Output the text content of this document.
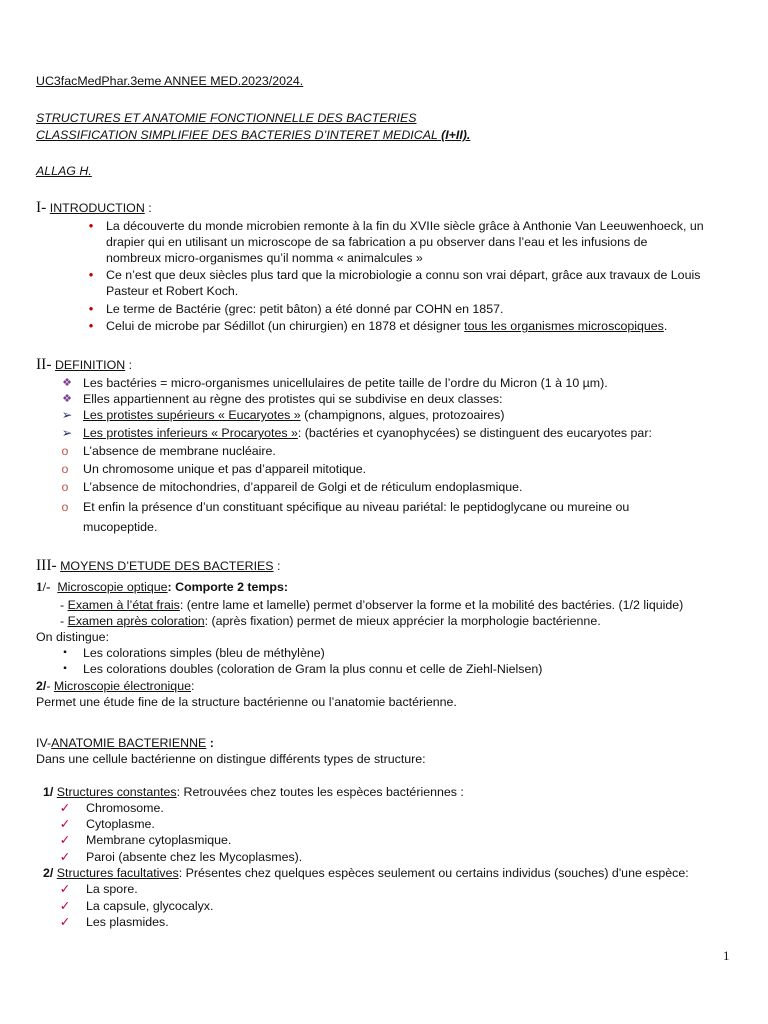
UC3facMedPhar.3eme ANNEE MED.2023/2024.
STRUCTURES ET ANATOMIE FONCTIONNELLE DES BACTERIES
CLASSIFICATION SIMPLIFIEE DES BACTERIES D’INTERET MEDICAL (I+II).
ALLAG H.
I- INTRODUCTION :
•	La découverte du monde microbien remonte à la fin du XVIIe siècle grâce à Anthonie Van Leeuwenhoeck, un
drapier qui en utilisant un microscope de sa fabrication a pu observer dans l’eau et les infusions de
nombreux micro-organismes qu’il nomma « animalcules »
•	Ce n’est que deux siècles plus tard que la microbiologie a connu son vrai départ, grâce aux travaux de Louis
Pasteur et Robert Koch.
•	Le terme de Bactérie (grec: petit bâton) a été donné par COHN en 1857.
•	Celui de microbe par Sédillot (un chirurgien) en 1878 et désigner tous les organismes microscopiques.
II- DEFINITION :
❖ Les bactéries = micro-organismes unicellulaires de petite taille de l’ordre du Micron (1 à 10 µm).
❖ Elles appartiennent au règne des protistes qui se subdivise en deux classes:
➢ Les protistes supérieurs « Eucaryotes » (champignons, algues, protozoaires)
➢ Les protistes inferieurs « Procaryotes »: (bactéries et cyanophycées) se distinguent des eucaryotes par:
o L’absence de membrane nucléaire.
o Un chromosome unique et pas d’appareil mitotique.
o L’absence de mitochondries, d’appareil de Golgi et de réticulum endoplasmique.
o Et enfin la présence d’un constituant spécifique au niveau pariétal: le peptidoglycane ou mureine ou
mucopeptide.
III- MOYENS D’ETUDE DES BACTERIES :
1/- Microscopie optique: Comporte 2 temps:
- Examen à l’état frais: (entre lame et lamelle) permet d’observer la forme et la mobilité des bactéries. (1/2 liquide)
- Examen après coloration: (après fixation) permet de mieux apprécier la morphologie bactérienne.
On distingue:
▪	Les colorations simples (bleu de méthylène)
▪	Les colorations doubles (coloration de Gram la plus connu et celle de Ziehl-Nielsen)
2/- Microscopie électronique:
Permet une étude fine de la structure bactérienne ou l’anatomie bactérienne.
IV-ANATOMIE BACTERIENNE :
Dans une cellule bactérienne on distingue différents types de structure:
1/ Structures constantes: Retrouvées chez toutes les espèces bactériennes :
✓ Chromosome.
✓ Cytoplasme.
✓ Membrane cytoplasmique.
✓ Paroi (absente chez les Mycoplasmes).
2/ Structures facultatives: Présentes chez quelques espèces seulement ou certains individus (souches) d'une espèce:
✓ La spore.
✓ La capsule, glycocalyx.
✓ Les plasmides.
1
